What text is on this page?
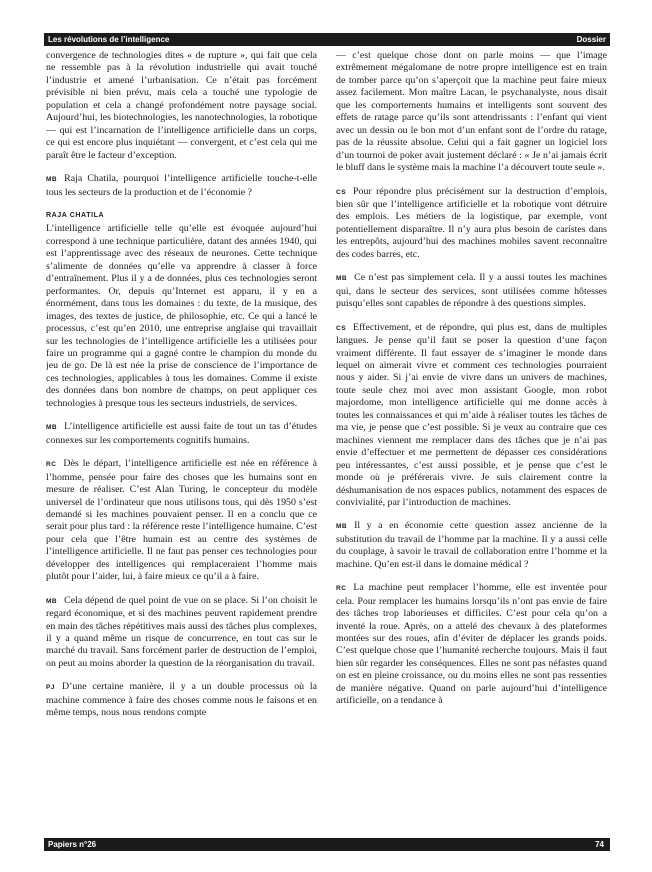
Les révolutions de l’intelligence	Dossier

convergence de technologies dites « de rupture », qui fait que cela ne ressemble pas à la révolution industrielle qui avait touché l’industrie et amené l’urbanisation. Ce n’était pas forcément prévisible ni bien prévu, mais cela a touché une typologie de population et cela a changé profondément notre paysage social. Aujourd’hui, les biotechnologies, les nanotechnologies, la robotique — qui est l’incarnation de l’intelligence artificielle dans un corps, ce qui est encore plus inquiétant — convergent, et c’est cela qui me paraît être le facteur d’exception.

MB Raja Chatila, pourquoi l’intelligence artificielle touche-t-elle tous les secteurs de la production et de l’économie ?

RAJA CHATILA

L’intelligence artificielle telle qu’elle est évoquée aujourd’hui correspond à une technique particulière, datant des années 1940, qui est l’apprentissage avec des réseaux de neurones. Cette technique s’alimente de données qu’elle va apprendre à classer à force d’entraînement. Plus il y a de données, plus ces technologies seront performantes. Or, depuis qu’Internet est apparu, il y en a énormément, dans tous les domaines : du texte, de la musique, des images, des textes de justice, de philosophie, etc. Ce qui a lancé le processus, c’est qu’en 2010, une entreprise anglaise qui travaillait sur les technologies de l’intelligence artificielle les a utilisées pour faire un programme qui a gagné contre le champion du monde du jeu de go. De là est née la prise de conscience de l’importance de ces technologies, applicables à tous les domaines. Comme il existe des données dans bon nombre de champs, on peut appliquer ces technologies à presque tous les secteurs industriels, de services.

MB L’intelligence artificielle est aussi faite de tout un tas d’études connexes sur les comportements cognitifs humains.

RC Dès le départ, l’intelligence artificielle est née en référence à l’homme, pensée pour faire des choses que les humains sont en mesure de réaliser. C’est Alan Turing, le concepteur du modèle universel de l’ordinateur que nous utilisons tous, qui dès 1950 s’est demandé si les machines pouvaient penser. Il en a conclu que ce serait pour plus tard : la référence reste l’intelligence humaine. C’est pour cela que l’être humain est au centre des systèmes de l’intelligence artificielle. Il ne faut pas penser ces technologies pour développer des intelligences qui remplaceraient l’homme mais plutôt pour l’aider, lui, à faire mieux ce qu’il a à faire.

MB Cela dépend de quel point de vue on se place. Si l’on choisit le regard économique, et si des machines peuvent rapidement prendre en main des tâches répétitives mais aussi des tâches plus complexes, il y a quand même un risque de concurrence, en tout cas sur le marché du travail. Sans forcément parler de destruction de l’emploi, on peut au moins aborder la question de la réorganisation du travail.

PJ D’une certaine manière, il y a un double processus où la machine commence à faire des choses comme nous le faisons et en même temps, nous nous rendons compte

— c’est quelque chose dont on parle moins — que l’image extrêmement mégalomane de notre propre intelligence est en train de tomber parce qu’on s’aperçoit que la machine peut faire mieux assez facilement. Mon maître Lacan, le psychanalyste, nous disait que les comportements humains et intelligents sont souvent des effets de ratage parce qu’ils sont attendrissants : l’enfant qui vient avec un dessin ou le bon mot d’un enfant sont de l’ordre du ratage, pas de la réussite absolue. Celui qui a fait gagner un logiciel lors d’un tournoi de poker avait justement déclaré : « Je n’ai jamais écrit le bluff dans le système mais la machine l’a découvert toute seule ».

CS Pour répondre plus précisément sur la destruction d’emplois, bien sûr que l’intelligence artificielle et la robotique vont détruire des emplois. Les métiers de la logistique, par exemple, vont potentiellement disparaître. Il n’y aura plus besoin de caristes dans les entrepôts, aujourd’hui des machines mobiles savent reconnaître des codes barres, etc.

MB Ce n’est pas simplement cela. Il y a aussi toutes les machines qui, dans le secteur des services, sont utilisées comme hôtesses puisqu’elles sont capables de répondre à des questions simples.

CS Effectivement, et de répondre, qui plus est, dans de multiples langues. Je pense qu’il faut se poser la question d’une façon vraiment différente. Il faut essayer de s’imaginer le monde dans lequel on aimerait vivre et comment ces technologies pourraient nous y aider. Si j’ai envie de vivre dans un univers de machines, toute seule chez moi avec mon assistant Google, mon robot majordome, mon intelligence artificielle qui me donne accès à toutes les connaissances et qui m’aide à réaliser toutes les tâches de ma vie, je pense que c’est possible. Si je veux au contraire que ces machines viennent me remplacer dans des tâches que je n’ai pas envie d’effectuer et me permettent de dépasser ces considérations peu intéressantes, c’est aussi possible, et je pense que c’est le monde où je préférerais vivre. Je suis clairement contre la déshumanisation de nos espaces publics, notamment des espaces de convivialité, par l’introduction de machines.

MB Il y a en économie cette question assez ancienne de la substitution du travail de l’homme par la machine. Il y a aussi celle du couplage, à savoir le travail de collaboration entre l’homme et la machine. Qu’en est-il dans le domaine médical ?

RC La machine peut remplacer l’homme, elle est inventée pour cela. Pour remplacer les humains lorsqu’ils n’ont pas envie de faire des tâches trop laborieuses et difficiles. C’est pour cela qu’on a inventé la roue. Après, on a attelé des chevaux à des plateformes montées sur des roues, afin d’éviter de déplacer les grands poids. C’est quelque chose que l’humanité recherche toujours. Mais il faut bien sûr regarder les conséquences. Elles ne sont pas néfastes quand on est en pleine croissance, ou du moins elles ne sont pas ressenties de manière négative. Quand on parle aujourd’hui d’intelligence artificielle, on a tendance à

Papiers n°26	74
